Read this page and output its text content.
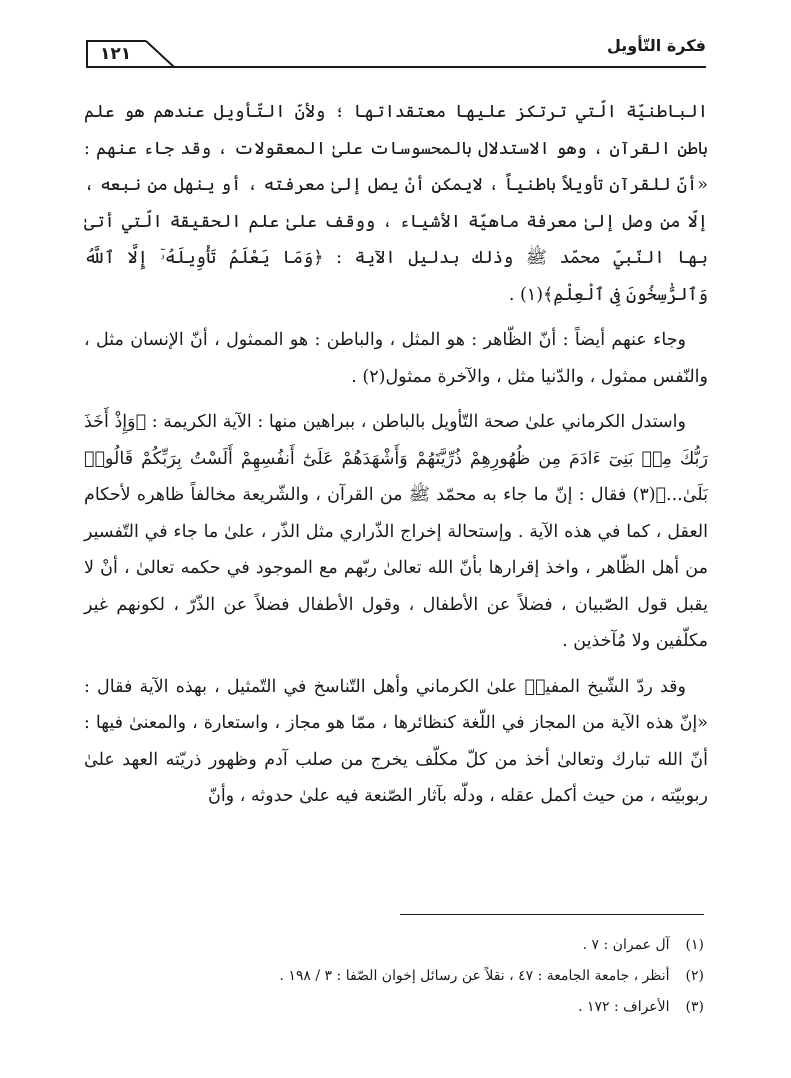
فكرة التّأويل
١٢١

الباطنيّة الّتي ترتكز عليها معتقداتها ؛ ولأنّ التّأويل عندهم هو علم باطن القرآن ، وهو الاستدلال بالمحسوسات علىٰ المعقولات ، وقد جاء عنهم : «أنّ للقرآن تأويلاً باطنياً ، لايمكن أنْ يصل إلىٰ معرفته ، أو ينهل من نبعه ، إلّا من وصل إلىٰ معرفة ماهيّة الأشياء ، ووقف علىٰ علم الحقيقة الّتي أتىٰ بها النّبيّ محمّد ﷺ وذلك بدليل الآية : ﴿وَمَا يَعْلَمُ تَأْوِيلَهُۥٓ إِلَّا ٱللَّهُ وَٱلرَّٰسِخُونَ فِى ٱلْعِلْمِ﴾(١) .

وجاء عنهم أيضاً : أنّ الظّاهر : هو المثل ، والباطن : هو الممثول ، أنّ الإنسان مثل ، والنّفس ممثول ، والدّنيا مثل ، والآخرة ممثول(٢) .

واستدل الكرماني علىٰ صحة التّأويل بالباطن ، ببراهين منها : الآية الكريمة : ﴿وَإِذْ أَخَذَ رَبُّكَ مِنۢ بَنِىٓ ءَادَمَ مِن ظُهُورِهِمْ ذُرِّيَّتَهُمْ وَأَشْهَدَهُمْ عَلَىٰٓ أَنفُسِهِمْ أَلَسْتُ بِرَبِّكُمْ قَالُوا۟ بَلَىٰ...﴾(٣) فقال : إنّ ما جاء به محمّد ﷺ من القرآن ، والشّريعة مخالفاً ظاهره لأحكام العقل ، كما في هذه الآية . وإستحالة إخراج الذّراري مثل الذّر ، علىٰ ما جاء في التّفسير من أهل الظّاهر ، واخذ إقرارها بأنّ الله تعالىٰ ربّهم مع الموجود في حكمه تعالىٰ ، أنْ لا يقبل قول الصّبيان ، فضلاً عن الأطفال ، وقول الأطفال فضلاً عن الذّرّ ، لكونهم غير مكلّفين ولا مُآخذين .

وقد ردّ الشّيخ المفيدؒ علىٰ الكرماني وأهل التّناسخ في التّمثيل ، بهذه الآية فقال : «إنّ هذه الآية من المجاز في اللّغة كنظائرها ، ممّا هو مجاز ، واستعارة ، والمعنىٰ فيها : أنّ الله تبارك وتعالىٰ أخذ من كلّ مكلّف يخرج من صلب آدم وظهور ذريّته العهد علىٰ ربوبيّته ، من حيث أكمل عقله ، ودلّه بآثار الصّنعة فيه علىٰ حدوثه ، وأنّ

(١) آل عمران : ٧ .
(٢) أنظر ، جامعة الجامعة : ٤٧ ، نقلاً عن رسائل إخوان الصّفا : ٣ / ١٩٨ .
(٣) الأعراف : ١٧٢ .
